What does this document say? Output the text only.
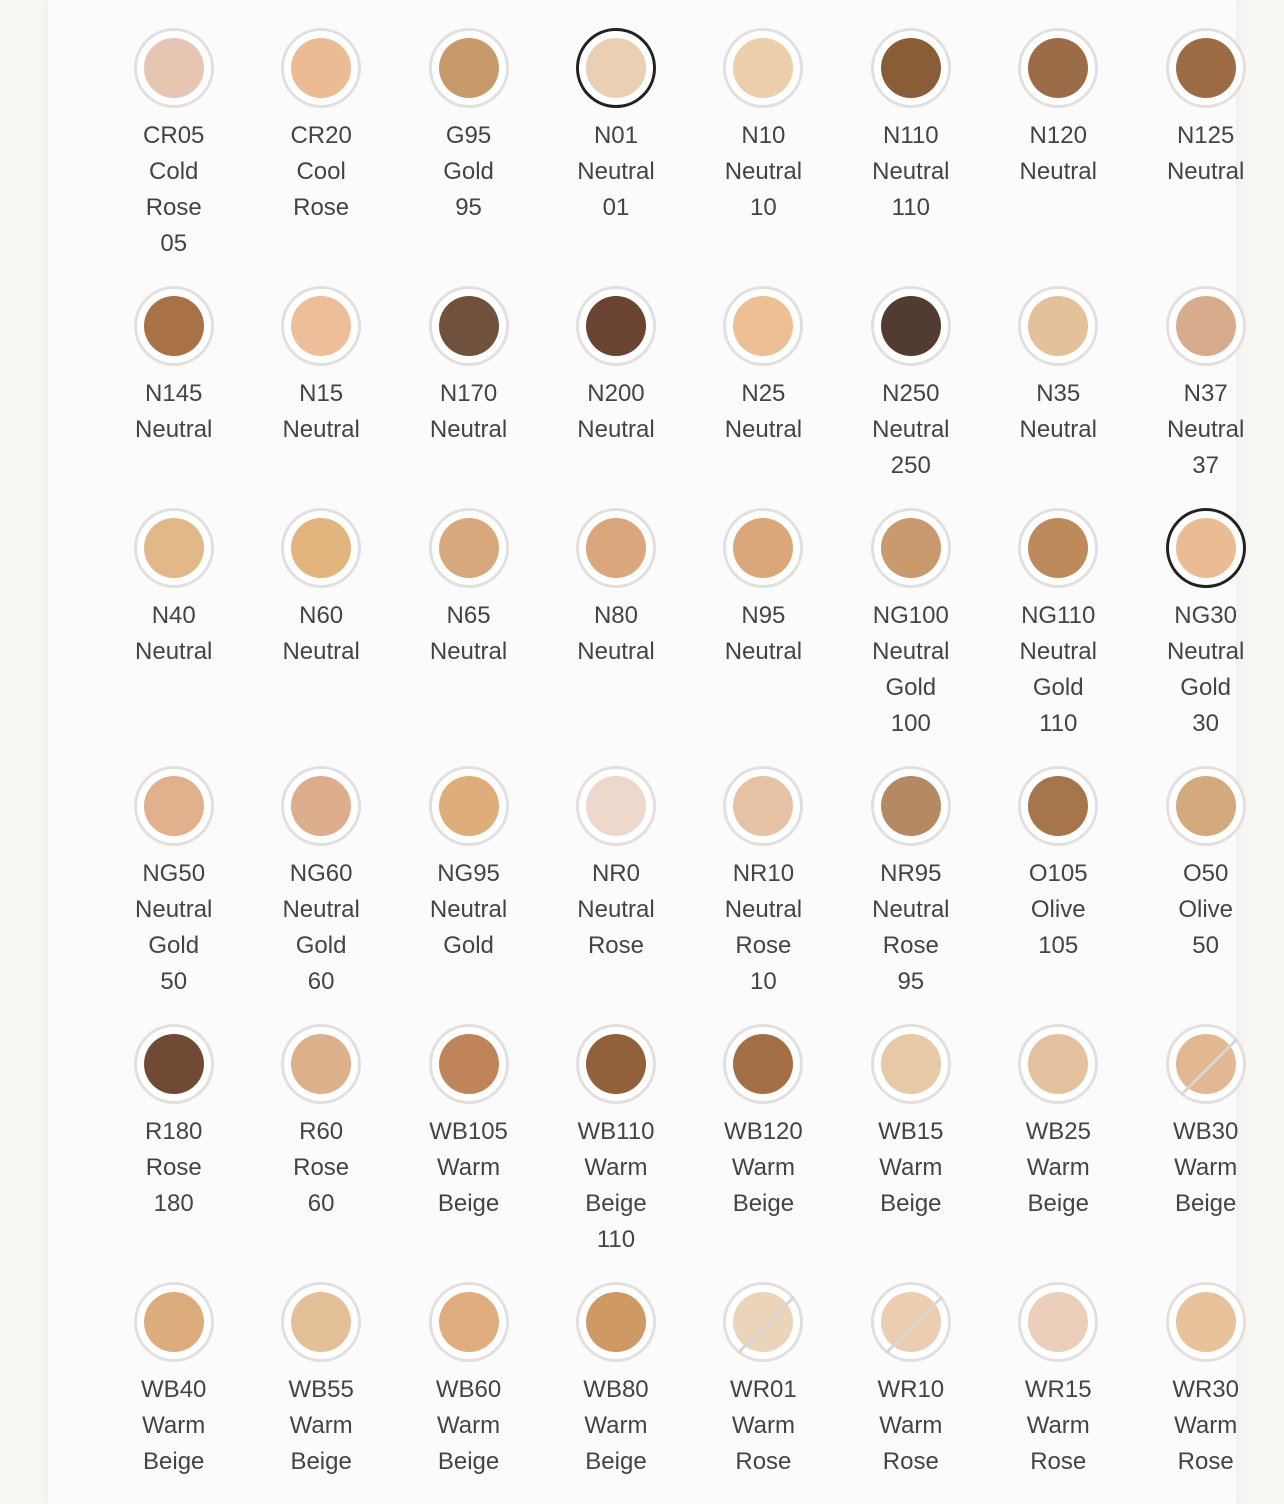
CR05
Cold
Rose
05
CR20
Cool
Rose
G95
Gold
95
N01
Neutral
01
N10
Neutral
10
N110
Neutral
110
N120
Neutral
N125
Neutral
N145
Neutral
N15
Neutral
N170
Neutral
N200
Neutral
N25
Neutral
N250
Neutral
250
N35
Neutral
N37
Neutral
37
N40
Neutral
N60
Neutral
N65
Neutral
N80
Neutral
N95
Neutral
NG100
Neutral
Gold
100
NG110
Neutral
Gold
110
NG30
Neutral
Gold
30
NG50
Neutral
Gold
50
NG60
Neutral
Gold
60
NG95
Neutral
Gold
NR0
Neutral
Rose
NR10
Neutral
Rose
10
NR95
Neutral
Rose
95
O105
Olive
105
O50
Olive
50
R180
Rose
180
R60
Rose
60
WB105
Warm
Beige
WB110
Warm
Beige
110
WB120
Warm
Beige
WB15
Warm
Beige
WB25
Warm
Beige
WB30
Warm
Beige
WB40
Warm
Beige
WB55
Warm
Beige
WB60
Warm
Beige
WB80
Warm
Beige
WR01
Warm
Rose
WR10
Warm
Rose
WR15
Warm
Rose
WR30
Warm
Rose
